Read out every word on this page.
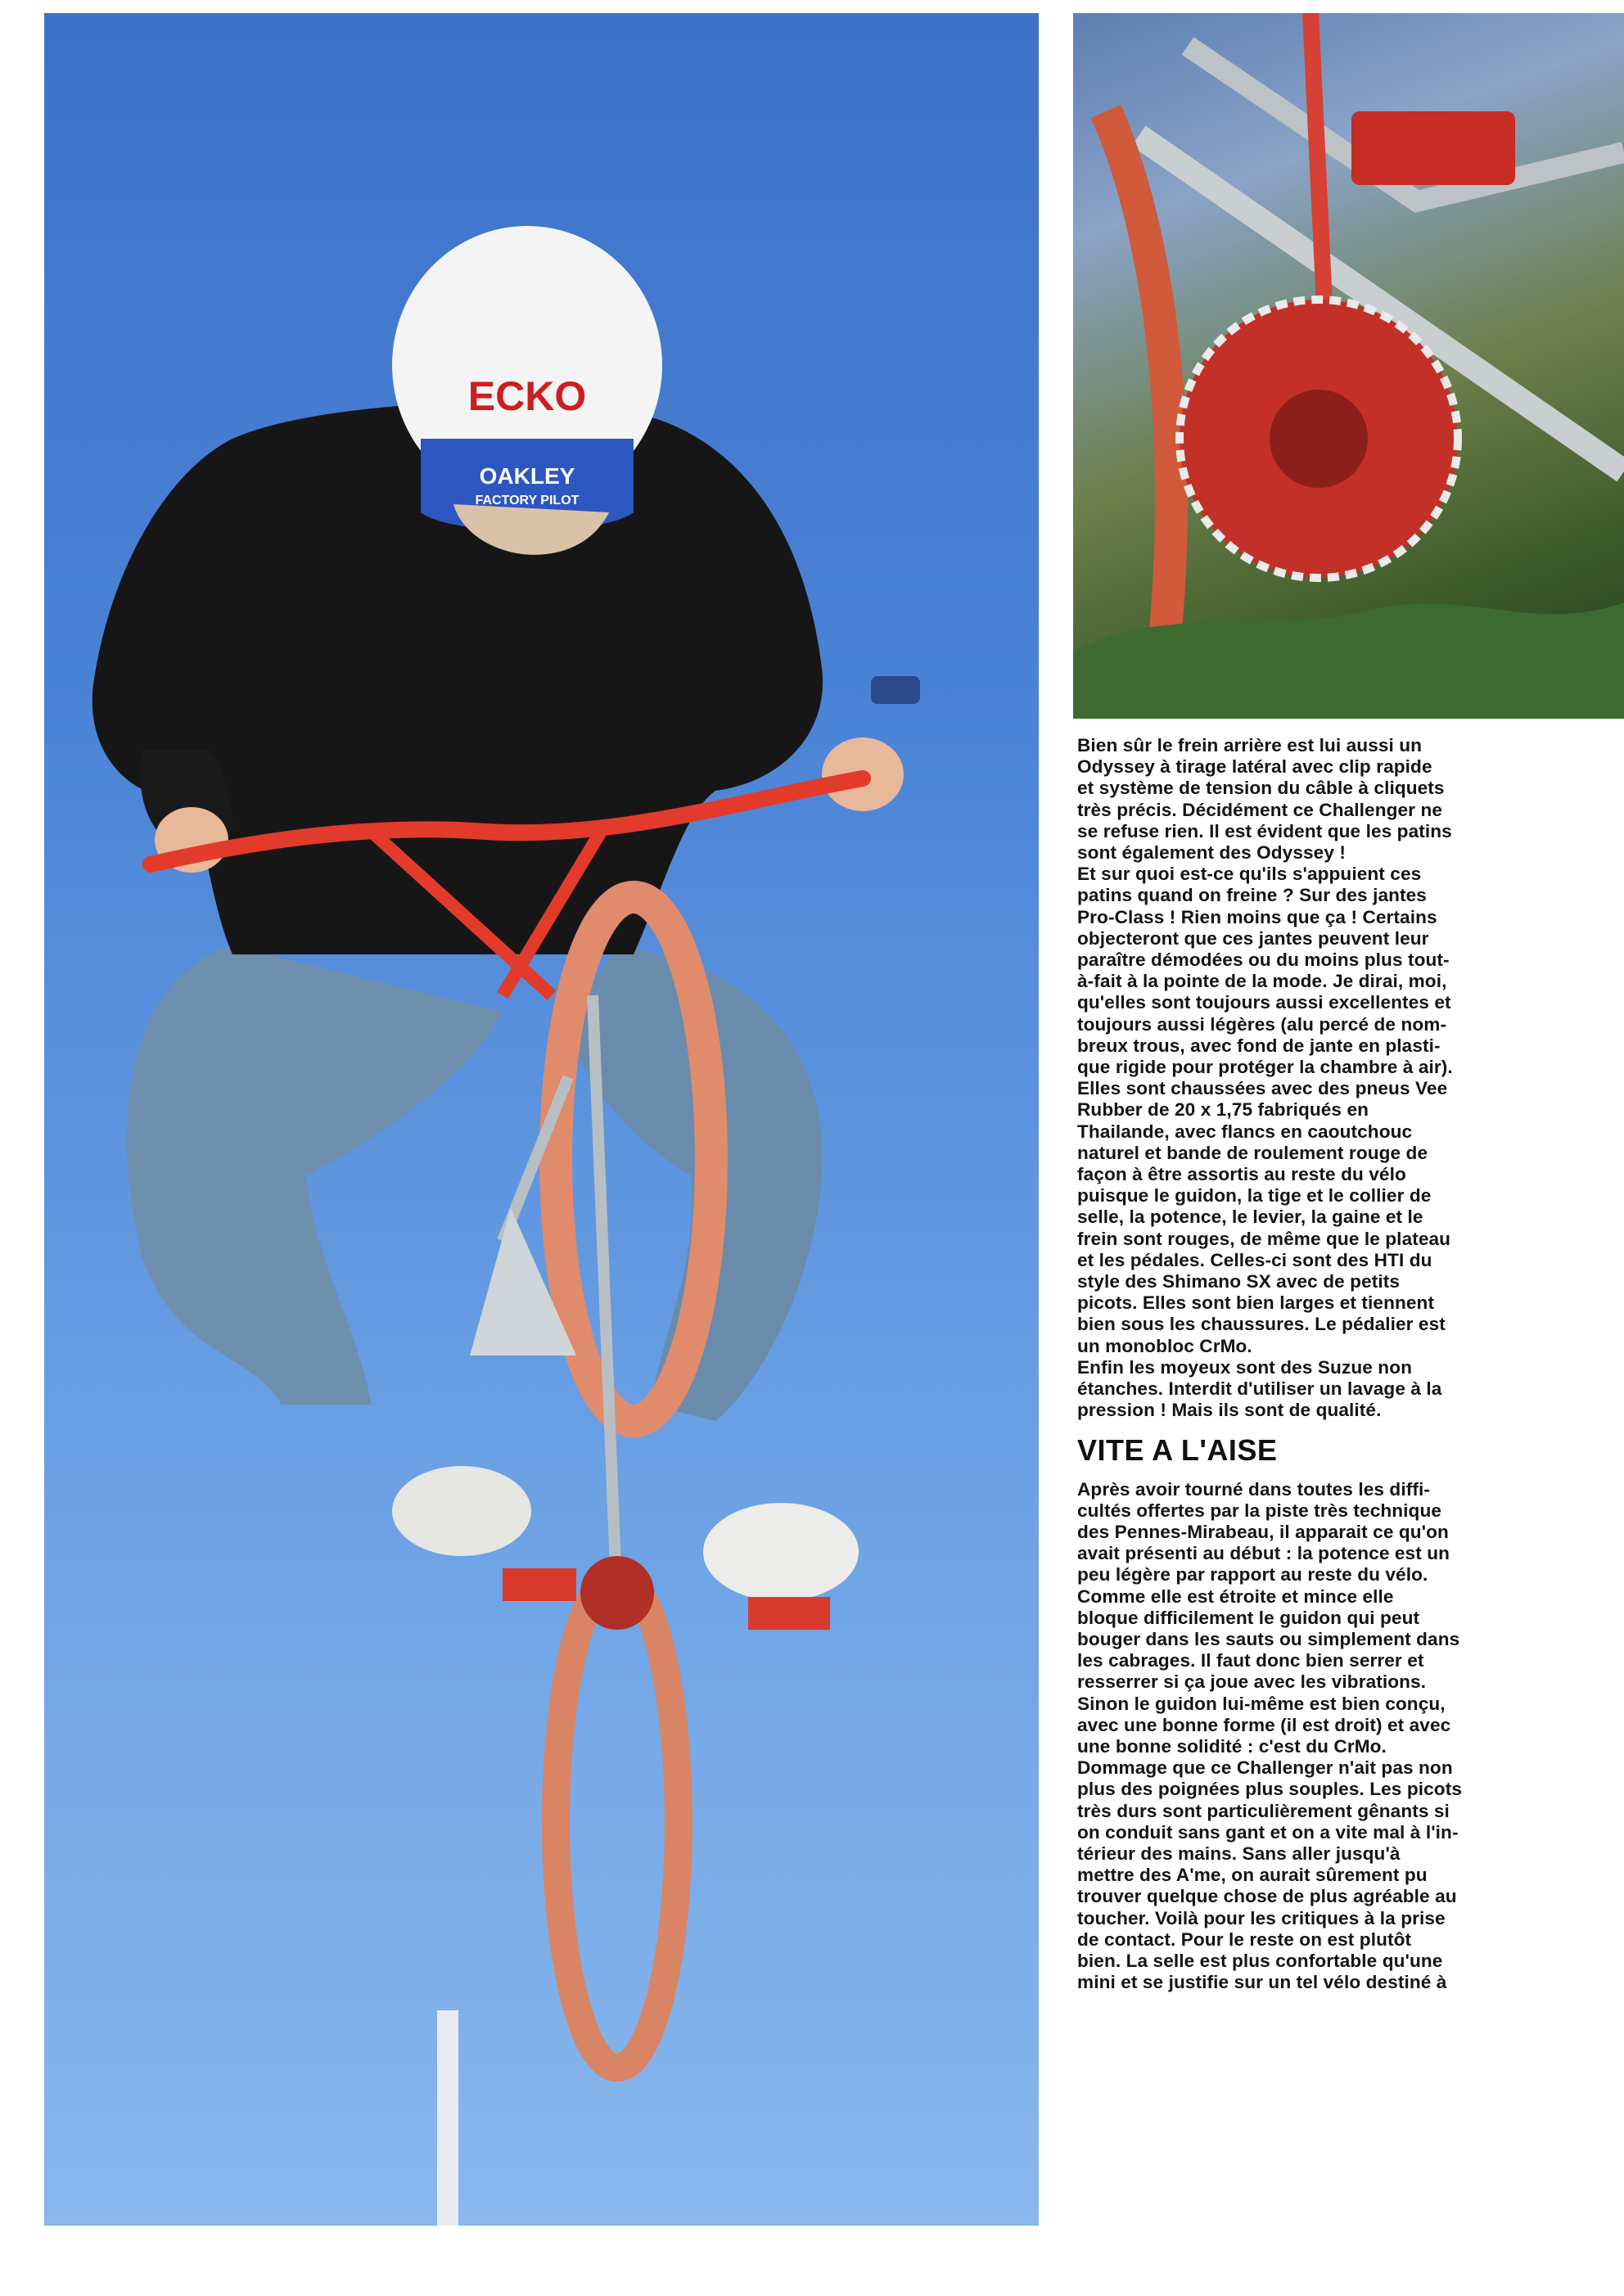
ECKO
OAKLEY
FACTORY PILOT

Bien sûr le frein arrière est lui aussi un
Odyssey à tirage latéral avec clip rapide
et système de tension du câble à cliquets
très précis. Décidément ce Challenger ne
se refuse rien. Il est évident que les patins
sont également des Odyssey !
Et sur quoi est-ce qu'ils s'appuient ces
patins quand on freine ? Sur des jantes
Pro-Class ! Rien moins que ça ! Certains
objecteront que ces jantes peuvent leur
paraître démodées ou du moins plus tout-
à-fait à la pointe de la mode. Je dirai, moi,
qu'elles sont toujours aussi excellentes et
toujours aussi légères (alu percé de nom-
breux trous, avec fond de jante en plasti-
que rigide pour protéger la chambre à air).
Elles sont chaussées avec des pneus Vee
Rubber de 20 x 1,75 fabriqués en
Thailande, avec flancs en caoutchouc
naturel et bande de roulement rouge de
façon à être assortis au reste du vélo
puisque le guidon, la tige et le collier de
selle, la potence, le levier, la gaine et le
frein sont rouges, de même que le plateau
et les pédales. Celles-ci sont des HTI du
style des Shimano SX avec de petits
picots. Elles sont bien larges et tiennent
bien sous les chaussures. Le pédalier est
un monobloc CrMo.
Enfin les moyeux sont des Suzue non
étanches. Interdit d'utiliser un lavage à la
pression ! Mais ils sont de qualité.

VITE A L'AISE

Après avoir tourné dans toutes les diffi-
cultés offertes par la piste très technique
des Pennes-Mirabeau, il apparait ce qu'on
avait présenti au début : la potence est un
peu légère par rapport au reste du vélo.
Comme elle est étroite et mince elle
bloque difficilement le guidon qui peut
bouger dans les sauts ou simplement dans
les cabrages. Il faut donc bien serrer et
resserrer si ça joue avec les vibrations.
Sinon le guidon lui-même est bien conçu,
avec une bonne forme (il est droit) et avec
une bonne solidité : c'est du CrMo.
Dommage que ce Challenger n'ait pas non
plus des poignées plus souples. Les picots
très durs sont particulièrement gênants si
on conduit sans gant et on a vite mal à l'in-
térieur des mains. Sans aller jusqu'à
mettre des A'me, on aurait sûrement pu
trouver quelque chose de plus agréable au
toucher. Voilà pour les critiques à la prise
de contact. Pour le reste on est plutôt
bien. La selle est plus confortable qu'une
mini et se justifie sur un tel vélo destiné à
